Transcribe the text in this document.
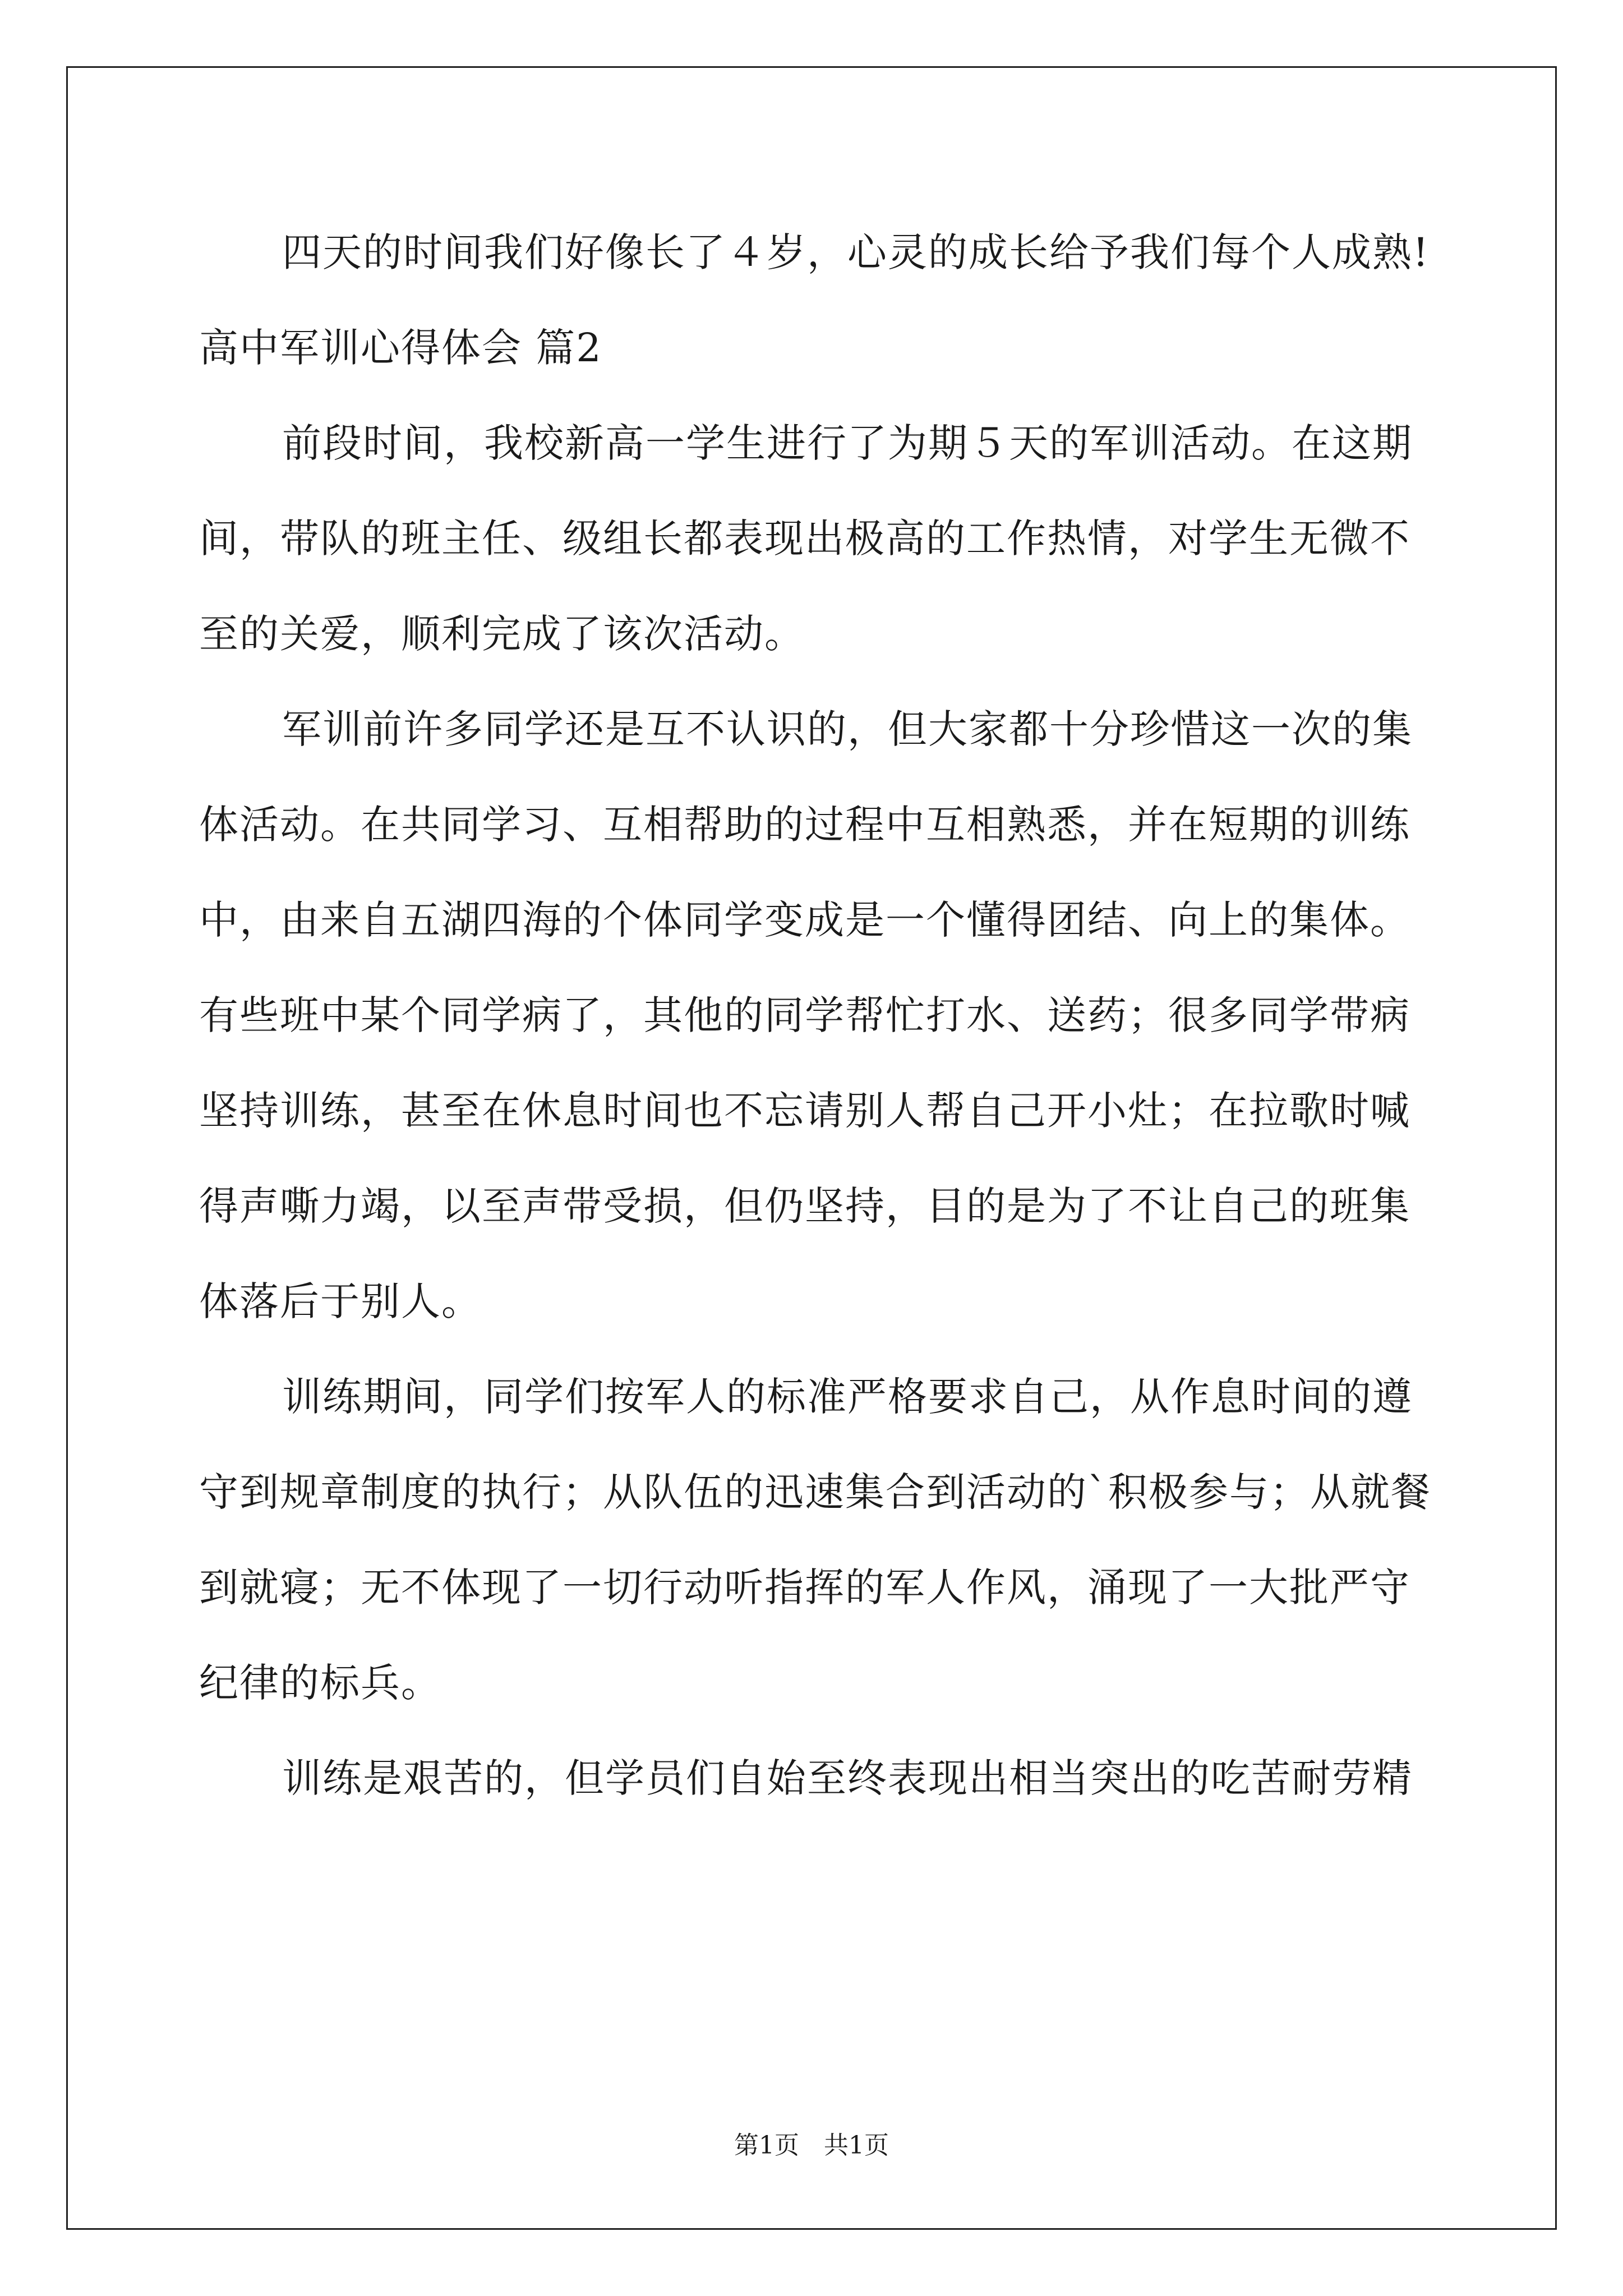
四天的时间我们好像长了４岁，心灵的成长给予我们每个人成熟!
高中军训心得体会 篇2
前段时间，我校新高一学生进行了为期５天的军训活动。在这期
间，带队的班主任、级组长都表现出极高的工作热情，对学生无微不
至的关爱，顺利完成了该次活动。
军训前许多同学还是互不认识的，但大家都十分珍惜这一次的集
体活动。在共同学习、互相帮助的过程中互相熟悉，并在短期的训练
中，由来自五湖四海的个体同学变成是一个懂得团结、向上的集体。
有些班中某个同学病了，其他的同学帮忙打水、送药；很多同学带病
坚持训练，甚至在休息时间也不忘请别人帮自己开小灶；在拉歌时喊
得声嘶力竭，以至声带受损，但仍坚持，目的是为了不让自己的班集
体落后于别人。
训练期间，同学们按军人的标准严格要求自己，从作息时间的遵
守到规章制度的执行；从队伍的迅速集合到活动的`积极参与；从就餐
到就寝；无不体现了一切行动听指挥的军人作风，涌现了一大批严守
纪律的标兵。
训练是艰苦的，但学员们自始至终表现出相当突出的吃苦耐劳精
第1页　共1页
